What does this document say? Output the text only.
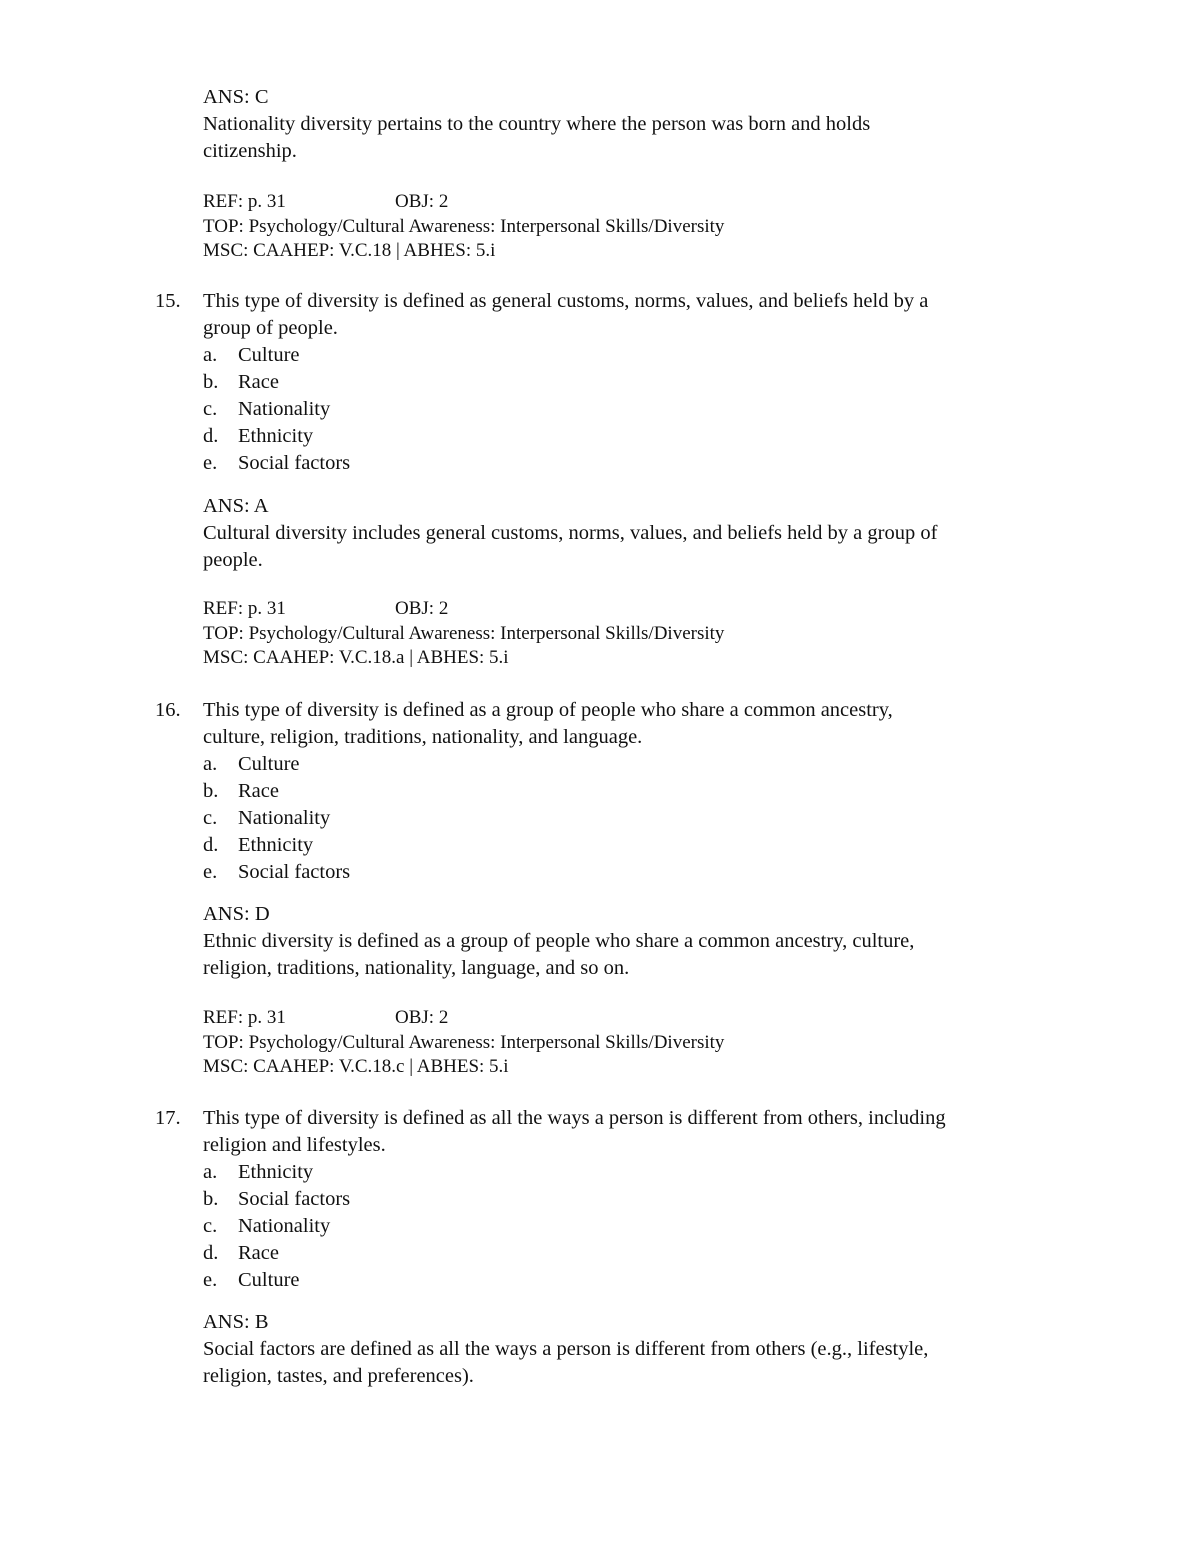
ANS: C
Nationality diversity pertains to the country where the person was born and holds
citizenship.
REF: p. 31	OBJ: 2
TOP: Psychology/Cultural Awareness: Interpersonal Skills/Diversity
MSC: CAAHEP: V.C.18 | ABHES: 5.i
15.	This type of diversity is defined as general customs, norms, values, and beliefs held by a
group of people.
a. Culture
b. Race
c. Nationality
d. Ethnicity
e. Social factors
ANS: A
Cultural diversity includes general customs, norms, values, and beliefs held by a group of
people.
REF: p. 31	OBJ: 2
TOP: Psychology/Cultural Awareness: Interpersonal Skills/Diversity
MSC: CAAHEP: V.C.18.a | ABHES: 5.i
16.	This type of diversity is defined as a group of people who share a common ancestry,
culture, religion, traditions, nationality, and language.
a. Culture
b. Race
c. Nationality
d. Ethnicity
e. Social factors
ANS: D
Ethnic diversity is defined as a group of people who share a common ancestry, culture,
religion, traditions, nationality, language, and so on.
REF: p. 31	OBJ: 2
TOP: Psychology/Cultural Awareness: Interpersonal Skills/Diversity
MSC: CAAHEP: V.C.18.c | ABHES: 5.i
17.	This type of diversity is defined as all the ways a person is different from others, including
religion and lifestyles.
a. Ethnicity
b. Social factors
c. Nationality
d. Race
e. Culture
ANS: B
Social factors are defined as all the ways a person is different from others (e.g., lifestyle,
religion, tastes, and preferences).
